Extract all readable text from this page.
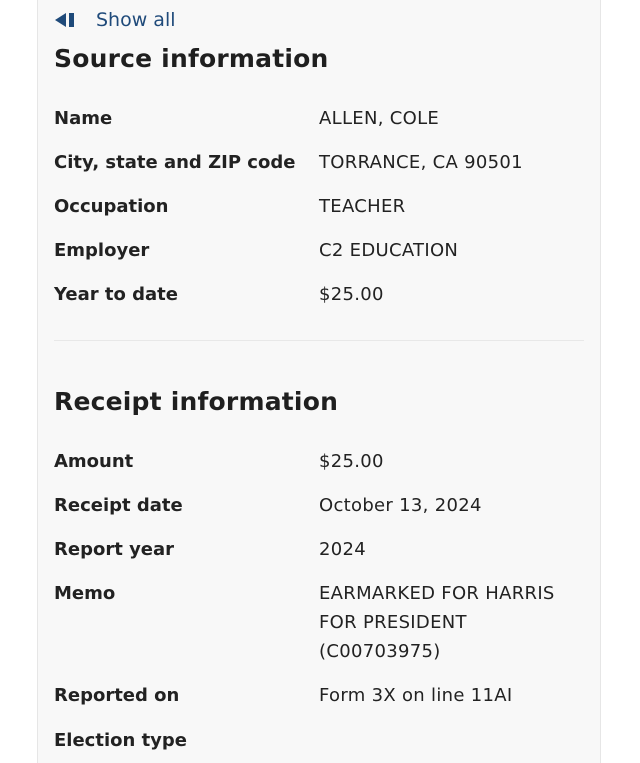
Show all
Source information
Name	ALLEN, COLE
City, state and ZIP code TORRANCE, CA 90501
Occupation	TEACHER
Employer	C2 EDUCATION
Year to date	$25.00
Receipt information
Amount	$25.00
Receipt date	October 13, 2024
Report year	2024
Memo	EARMARKED FOR HARRIS FOR PRESIDENT (C00703975)
Reported on	Form 3X on line 11AI
Election type
